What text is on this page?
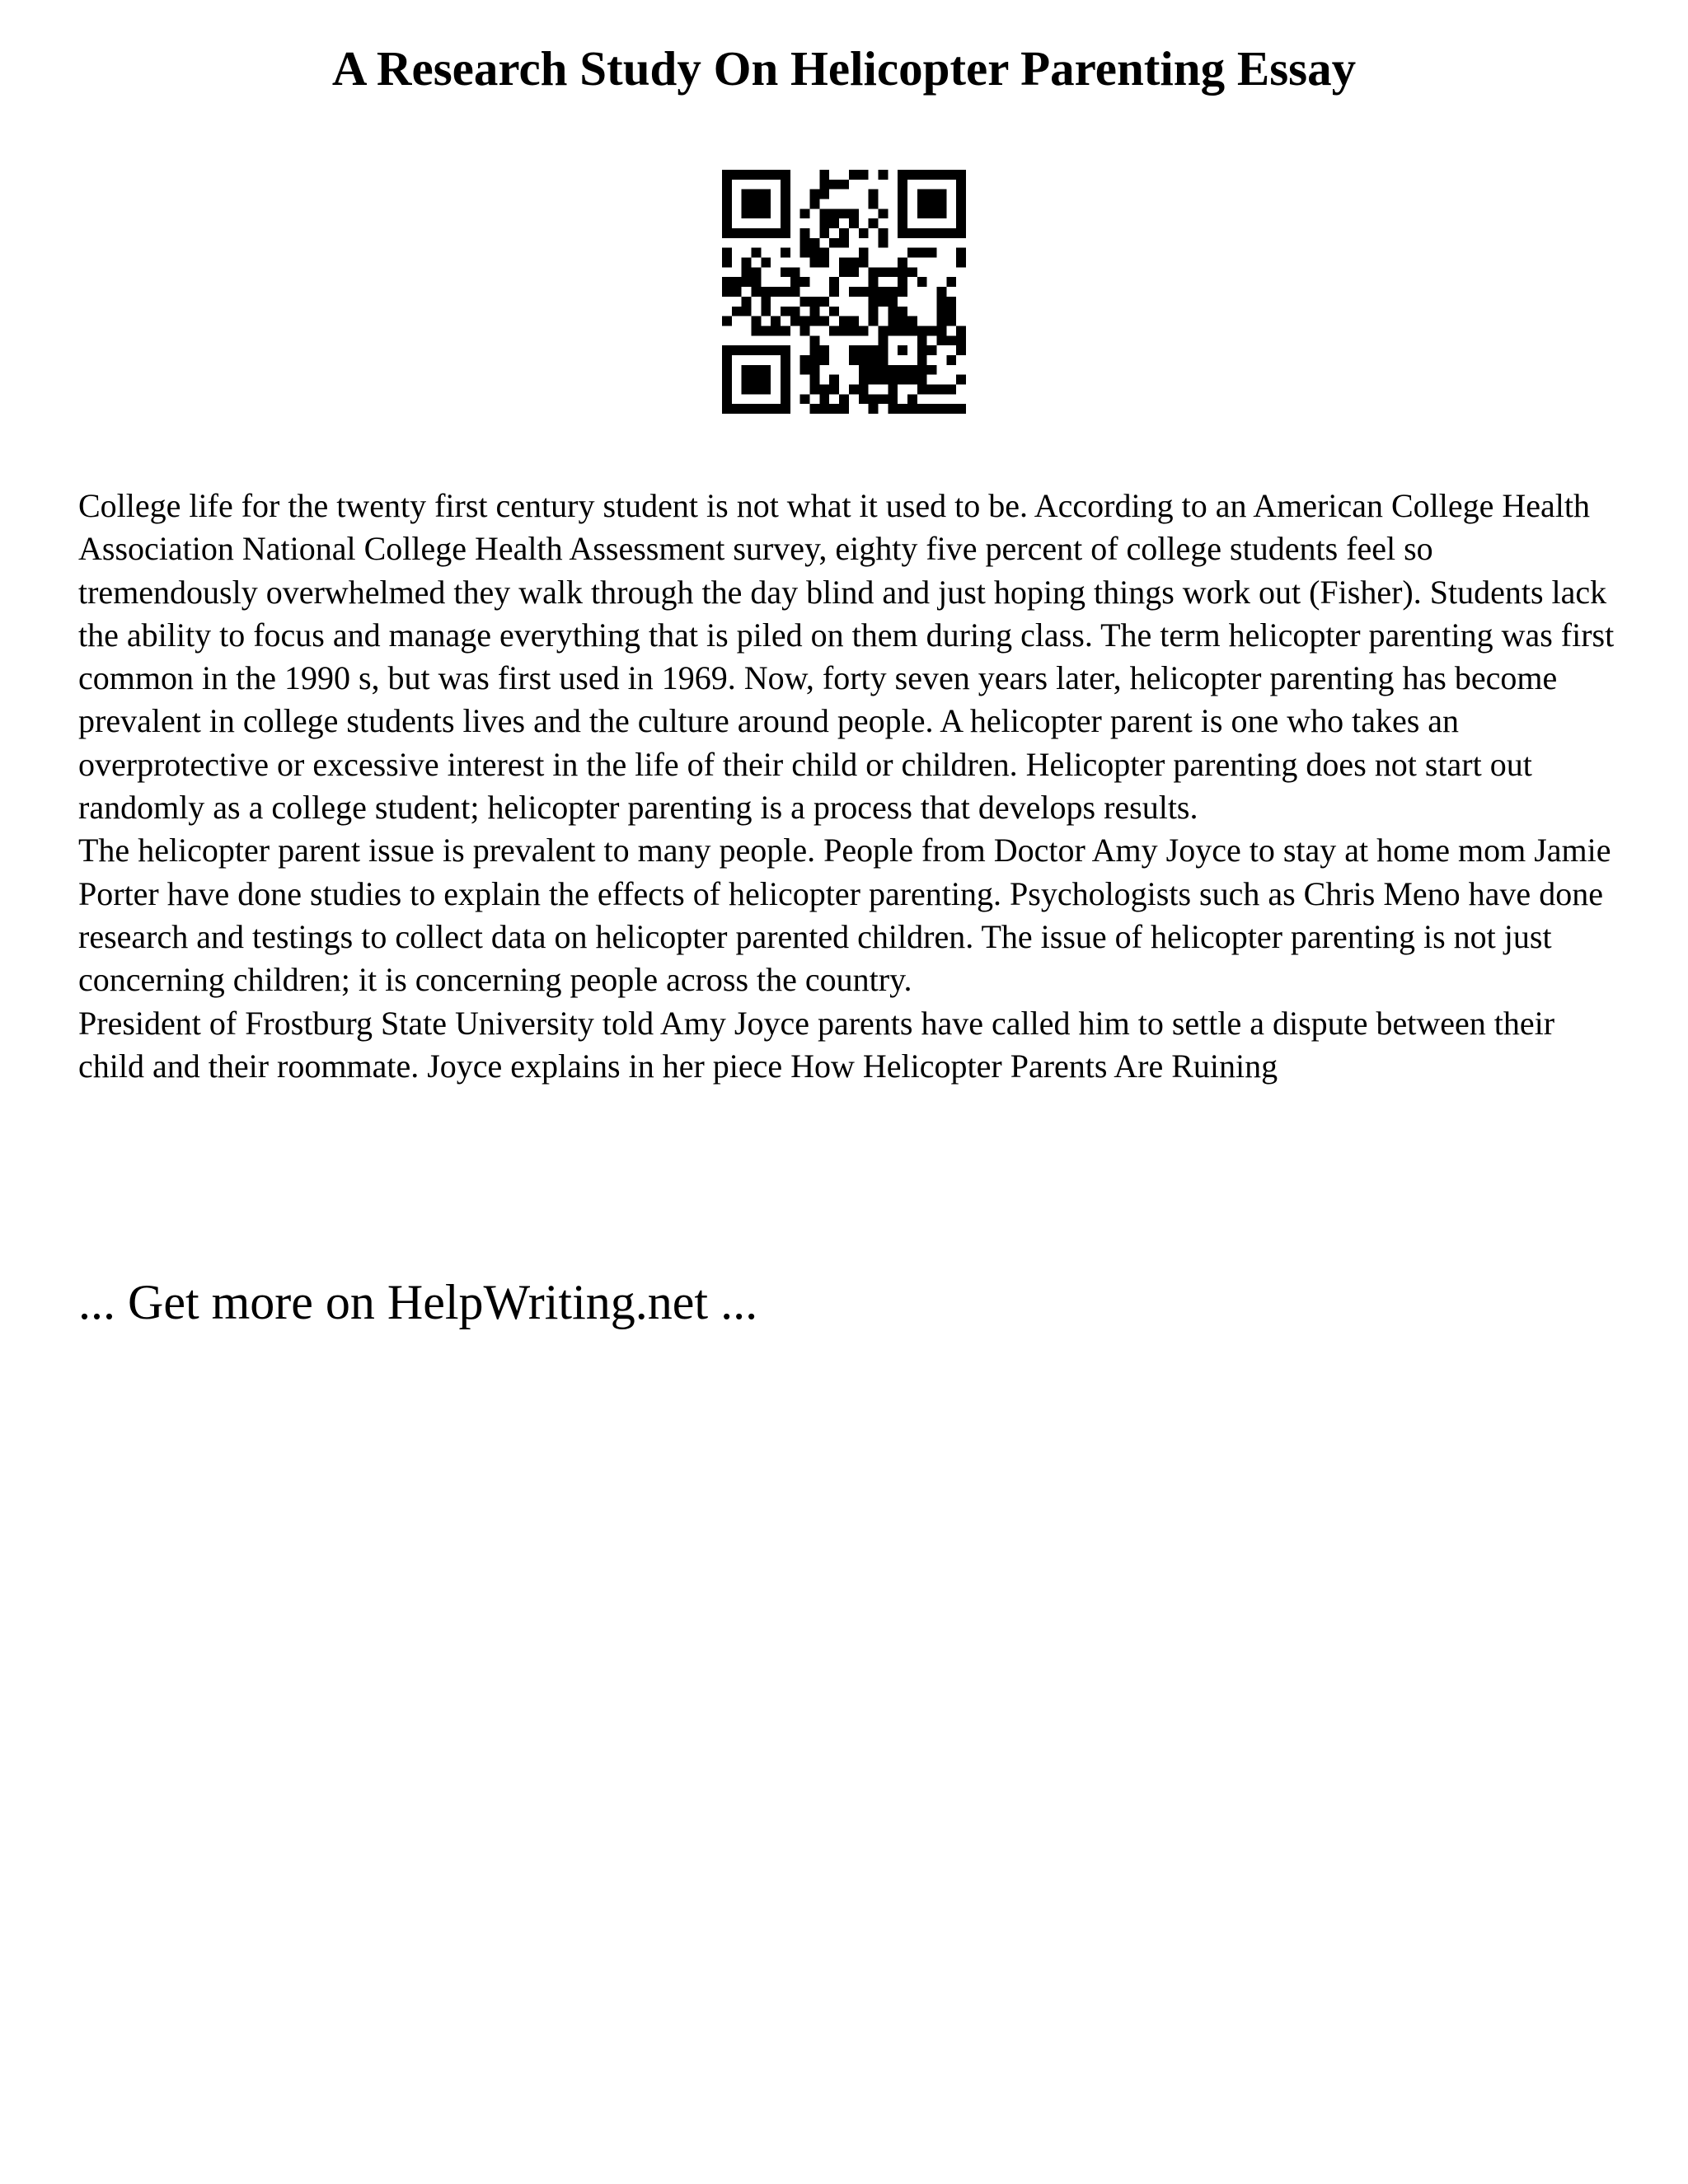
A Research Study On Helicopter Parenting Essay

College life for the twenty first century student is not what it used to be. According to an American College Health Association National College Health Assessment survey, eighty five percent of college students feel so tremendously overwhelmed they walk through the day blind and just hoping things work out (Fisher). Students lack the ability to focus and manage everything that is piled on them during class. The term helicopter parenting was first common in the 1990 s, but was first used in 1969. Now, forty seven years later, helicopter parenting has become prevalent in college students lives and the culture around people. A helicopter parent is one who takes an overprotective or excessive interest in the life of their child or children. Helicopter parenting does not start out randomly as a college student; helicopter parenting is a process that develops results.

The helicopter parent issue is prevalent to many people. People from Doctor Amy Joyce to stay at home mom Jamie Porter have done studies to explain the effects of helicopter parenting. Psychologists such as Chris Meno have done research and testings to collect data on helicopter parented children. The issue of helicopter parenting is not just concerning children; it is concerning people across the country.

President of Frostburg State University told Amy Joyce parents have called him to settle a dispute between their child and their roommate. Joyce explains in her piece How Helicopter Parents Are Ruining

... Get more on HelpWriting.net ...
